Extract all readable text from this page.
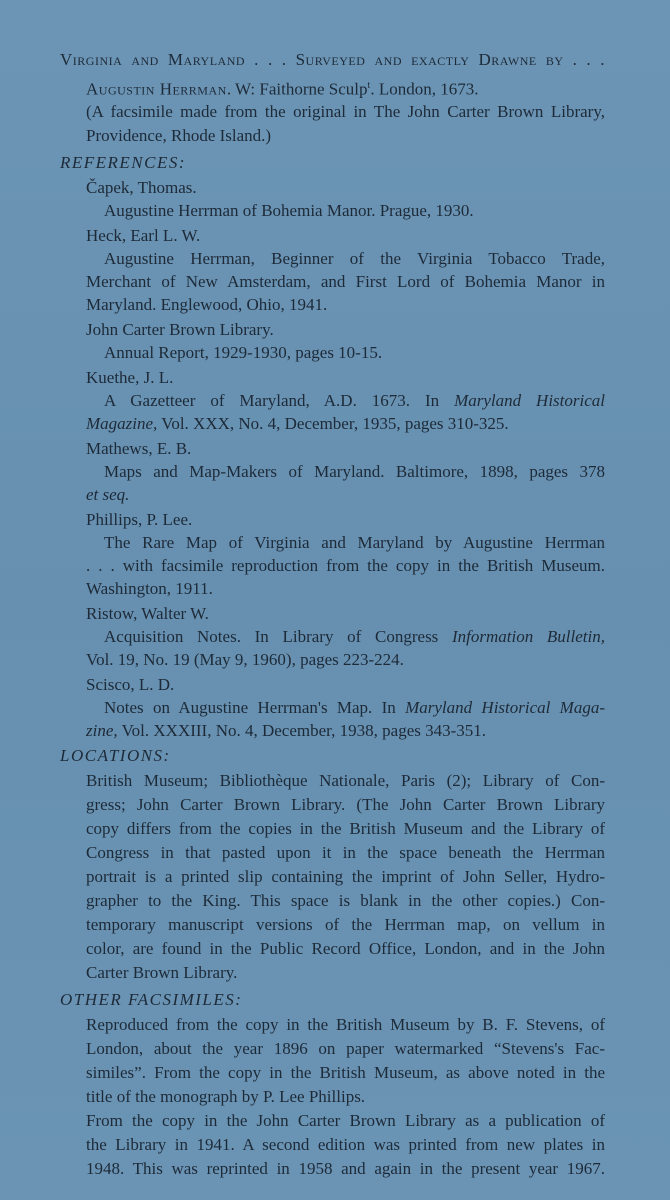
Virginia and Maryland . . . Surveyed and exactly Drawne by . . .
Augustin Herrman. W: Faithorne Sculp$^t$. London, 1673.
(A facsimile made from the original in The John Carter Brown Library,
Providence, Rhode Island.)
REFERENCES:
Čapek, Thomas.
Augustine Herrman of Bohemia Manor. Prague, 1930.
Heck, Earl L. W.
Augustine Herrman, Beginner of the Virginia Tobacco Trade,
Merchant of New Amsterdam, and First Lord of Bohemia Manor in
Maryland. Englewood, Ohio, 1941.
John Carter Brown Library.
Annual Report, 1929-1930, pages 10-15.
Kuethe, J. L.
A Gazetteer of Maryland, A.D. 1673. In Maryland Historical
Magazine, Vol. XXX, No. 4, December, 1935, pages 310-325.
Mathews, E. B.
Maps and Map-Makers of Maryland. Baltimore, 1898, pages 378
et seq.
Phillips, P. Lee.
The Rare Map of Virginia and Maryland by Augustine Herrman
. . . with facsimile reproduction from the copy in the British Museum.
Washington, 1911.
Ristow, Walter W.
Acquisition Notes. In Library of Congress Information Bulletin,
Vol. 19, No. 19 (May 9, 1960), pages 223-224.
Scisco, L. D.
Notes on Augustine Herrman's Map. In Maryland Historical Maga-
zine, Vol. XXXIII, No. 4, December, 1938, pages 343-351.
LOCATIONS:
British Museum; Bibliothèque Nationale, Paris (2); Library of Con-
gress; John Carter Brown Library. (The John Carter Brown Library
copy differs from the copies in the British Museum and the Library of
Congress in that pasted upon it in the space beneath the Herrman
portrait is a printed slip containing the imprint of John Seller, Hydro-
grapher to the King. This space is blank in the other copies.) Con-
temporary manuscript versions of the Herrman map, on vellum in
color, are found in the Public Record Office, London, and in the John
Carter Brown Library.
OTHER FACSIMILES:
Reproduced from the copy in the British Museum by B. F. Stevens, of
London, about the year 1896 on paper watermarked “Stevens's Fac-
similes”. From the copy in the British Museum, as above noted in the
title of the monograph by P. Lee Phillips.
From the copy in the John Carter Brown Library as a publication of
the Library in 1941. A second edition was printed from new plates in
1948. This was reprinted in 1958 and again in the present year 1967.
